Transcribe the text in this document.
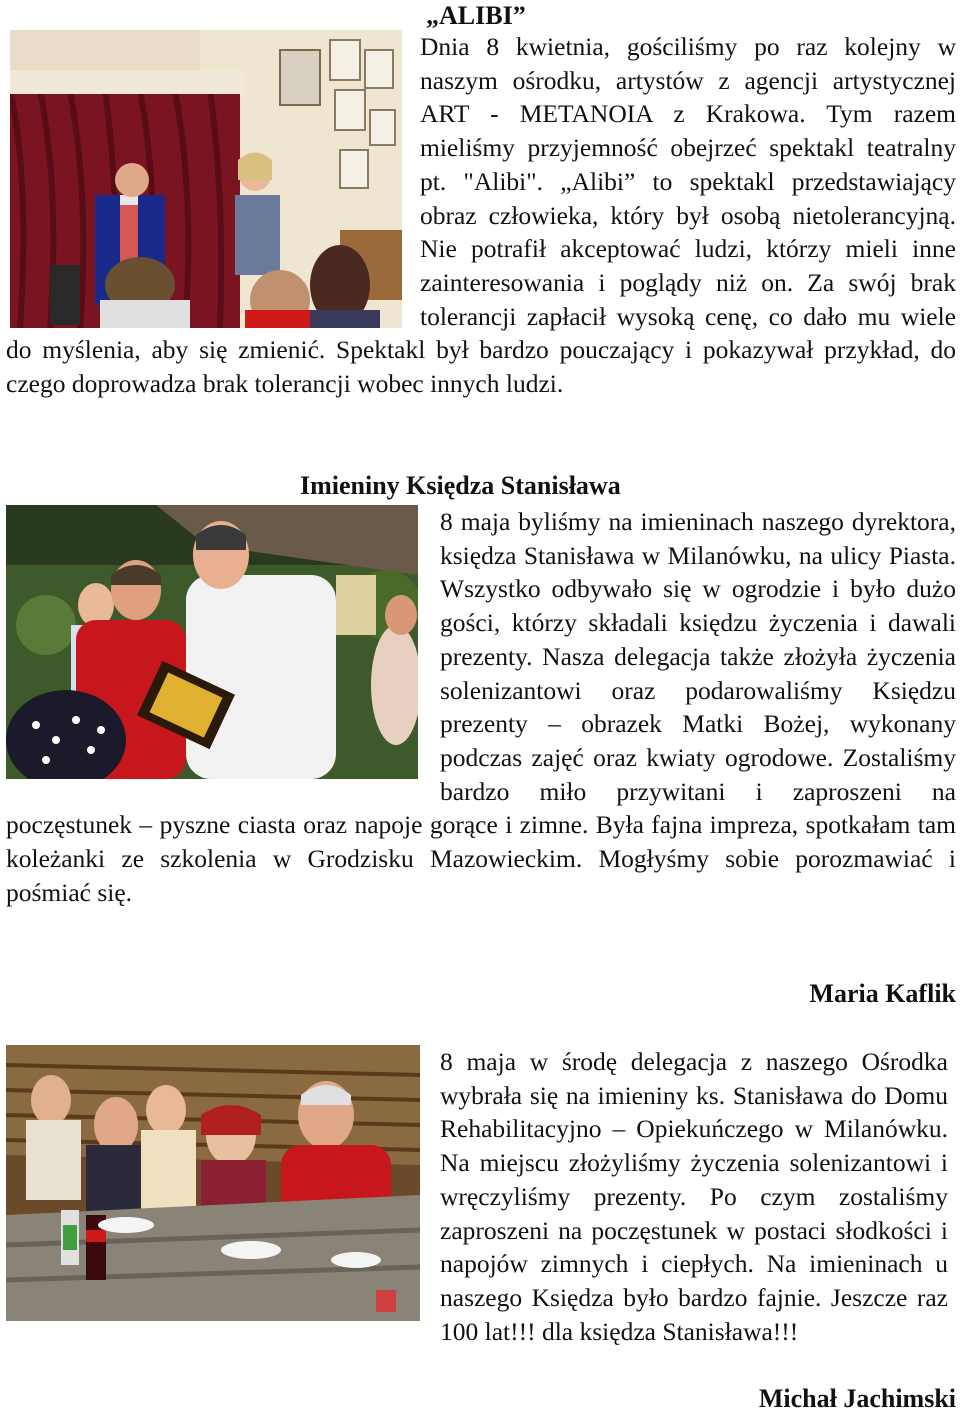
„ALIBI”
Dnia 8 kwietnia, gościliśmy po raz kolejny w naszym ośrodku, artystów z agencji artystycznej ART - METANOIA z Krakowa. Tym razem mieliśmy przyjemność obejrzeć spektakl teatralny pt. "Alibi". „Alibi” to spektakl przedstawiający obraz człowieka, który był osobą nietolerancyjną. Nie potrafił akceptować ludzi, którzy mieli inne zainteresowania i poglądy niż on. Za swój brak tolerancji zapłacił wysoką cenę, co dało mu wiele do myślenia, aby się zmienić. Spektakl był bardzo pouczający i pokazywał przykład, do czego doprowadza brak tolerancji wobec innych ludzi.
Imieniny Księdza Stanisława
8 maja byliśmy na imieninach naszego dyrektora, księdza Stanisława w Milanówku, na ulicy Piasta. Wszystko odbywało się w ogrodzie i było dużo gości, którzy składali księdzu życzenia i dawali prezenty. Nasza delegacja także złożyła życzenia solenizantowi oraz podarowaliśmy Księdzu prezenty – obrazek Matki Bożej, wykonany podczas zajęć oraz kwiaty ogrodowe. Zostaliśmy bardzo miło przywitani i zaproszeni na poczęstunek – pyszne ciasta oraz napoje gorące i zimne. Była fajna impreza, spotkałam tam koleżanki ze szkolenia w Grodzisku Mazowieckim. Mogłyśmy sobie porozmawiać i pośmiać się.
Maria Kaflik
8 maja w środę delegacja z naszego Ośrodka wybrała się na imieniny ks. Stanisława do Domu Rehabilitacyjno – Opiekuńczego w Milanówku. Na miejscu złożyliśmy życzenia solenizantowi i wręczyliśmy prezenty. Po czym zostaliśmy zaproszeni na poczęstunek w postaci słodkości i napojów zimnych i ciepłych. Na imieninach u naszego Księdza było bardzo fajnie. Jeszcze raz 100 lat!!! dla księdza Stanisława!!!
Michał Jachimski
